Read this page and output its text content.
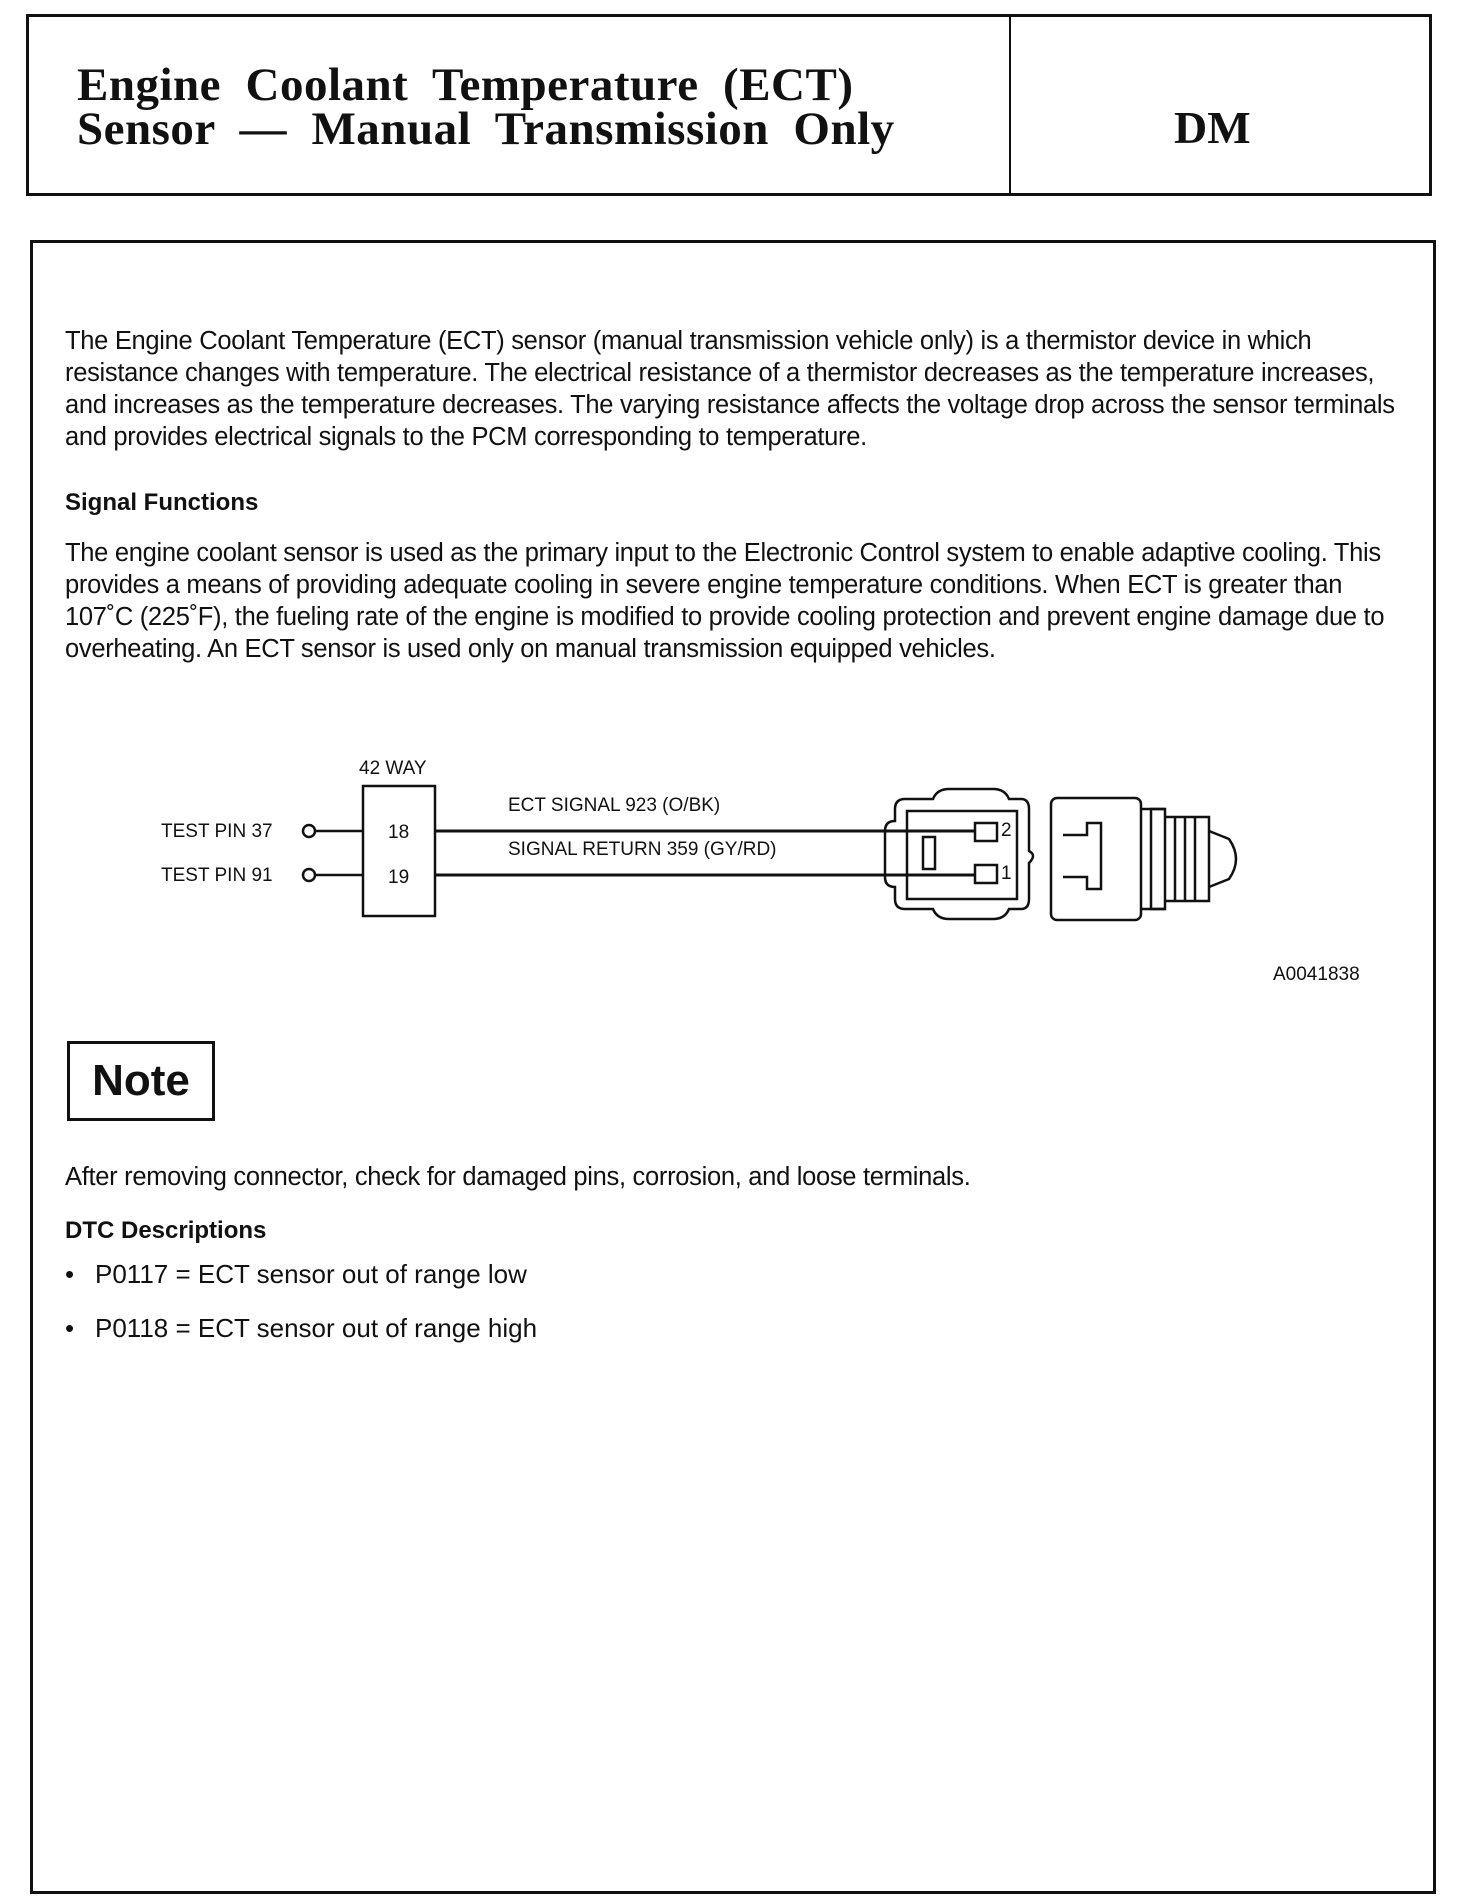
Engine  Coolant  Temperature  (ECT)
Sensor  —  Manual  Transmission  Only	DM
The Engine Coolant Temperature (ECT) sensor (manual transmission vehicle only) is a thermistor device in which resistance changes with temperature. The electrical resistance of a thermistor decreases as the temperature increases, and increases as the temperature decreases. The varying resistance affects the voltage drop across the sensor terminals and provides electrical signals to the PCM corresponding to temperature.
Signal Functions
The engine coolant sensor is used as the primary input to the Electronic Control system to enable adaptive cooling. This provides a means of providing adequate cooling in severe engine temperature conditions. When ECT is greater than 107˚C (225˚F), the fueling rate of the engine is modified to provide cooling protection and prevent engine damage due to overheating. An ECT sensor is used only on manual transmission equipped vehicles.
42 WAY
18
19
TEST PIN 37
TEST PIN 91
ECT SIGNAL 923 (O/BK)
SIGNAL RETURN 359 (GY/RD)
2
1
A0041838
Note
After removing connector, check for damaged pins, corrosion, and loose terminals.
DTC Descriptions
• P0117 = ECT sensor out of range low
• P0118 = ECT sensor out of range high
